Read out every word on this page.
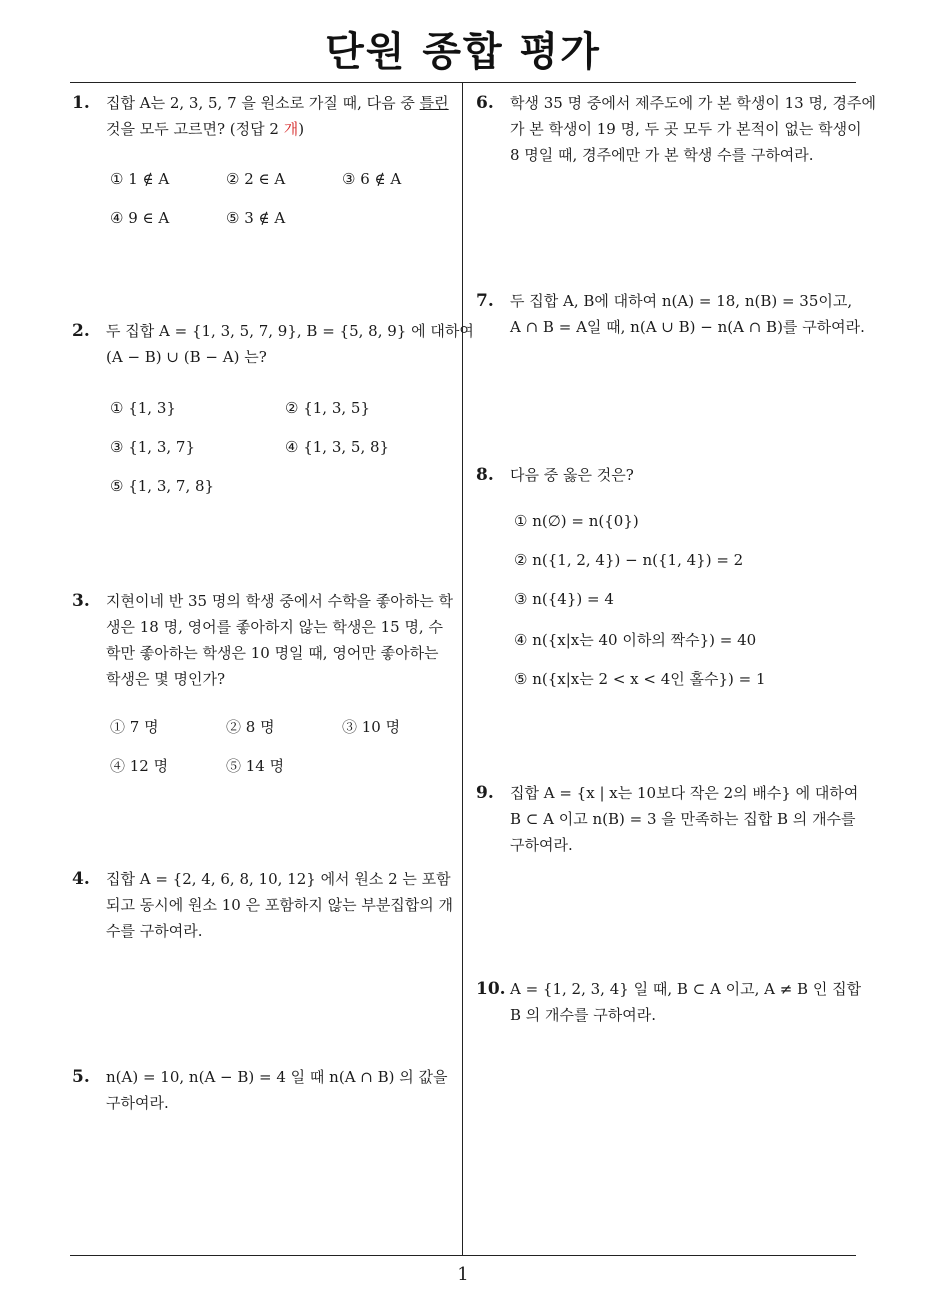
단원 종합 평가
1
1. 집합 A는 2, 3, 5, 7 을 원소로 가질 때, 다음 중 틀린
것을 모두 고르면? (정답 2 개)
① 1 ∉ A	② 2 ∈ A	③ 6 ∉ A
④ 9 ∈ A	⑤ 3 ∉ A
2. 두 집합 A = {1, 3, 5, 7, 9}, B = {5, 8, 9} 에 대하여
(A − B) ∪ (B − A) 는?
① {1, 3}	② {1, 3, 5}
③ {1, 3, 7}	④ {1, 3, 5, 8}
⑤ {1, 3, 7, 8}
3. 지현이네 반 35 명의 학생 중에서 수학을 좋아하는 학
생은 18 명, 영어를 좋아하지 않는 학생은 15 명, 수
학만 좋아하는 학생은 10 명일 때, 영어만 좋아하는
학생은 몇 명인가?
① 7 명	② 8 명	③ 10 명
④ 12 명	⑤ 14 명
4. 집합 A = {2, 4, 6, 8, 10, 12} 에서 원소 2 는 포함
되고 동시에 원소 10 은 포함하지 않는 부분집합의 개
수를 구하여라.
5. n(A) = 10, n(A − B) = 4 일 때 n(A ∩ B) 의 값을
구하여라.
6. 학생 35 명 중에서 제주도에 가 본 학생이 13 명, 경주에
가 본 학생이 19 명, 두 곳 모두 가 본적이 없는 학생이
8 명일 때, 경주에만 가 본 학생 수를 구하여라.
7. 두 집합 A, B에 대하여 n(A) = 18, n(B) = 35이고,
A ∩ B = A일 때, n(A ∪ B) − n(A ∩ B)를 구하여라.
8. 다음 중 옳은 것은?
① n(∅) = n({0})
② n({1, 2, 4}) − n({1, 4}) = 2
③ n({4}) = 4
④ n({x|x는 40 이하의 짝수}) = 40
⑤ n({x|x는 2 < x < 4인 홀수}) = 1
9. 집합 A = {x | x는 10보다 작은 2의 배수} 에 대하여
B ⊂ A 이고 n(B) = 3 을 만족하는 집합 B 의 개수를
구하여라.
10. A = {1, 2, 3, 4} 일 때, B ⊂ A 이고, A ≠ B 인 집합
B 의 개수를 구하여라.
